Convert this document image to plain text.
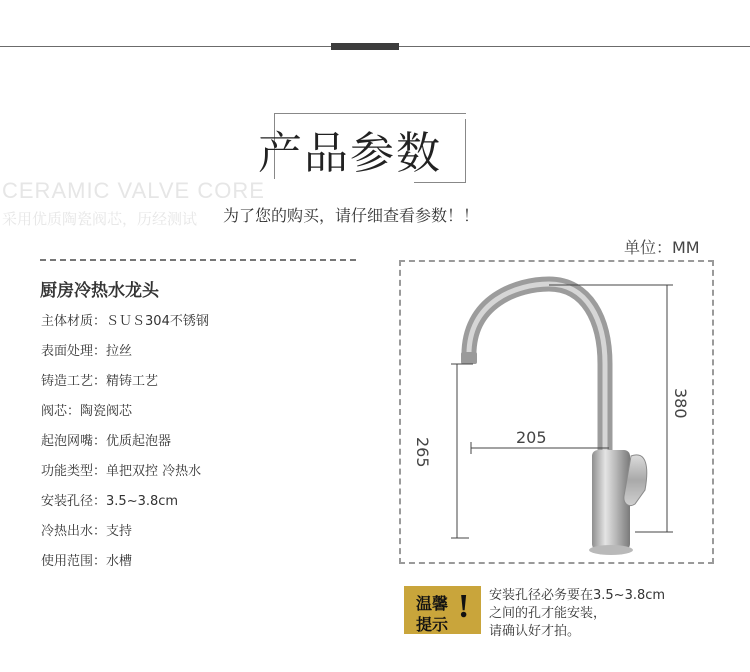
产品参数
CERAMIC VALVE CORE
采用优质陶瓷阀芯，历经测试 为了您的购买，请仔细查看参数！！
单位：MM
厨房冷热水龙头
主体材质：ＳＵＳ304不锈钢
表面处理：拉丝
铸造工艺：精铸工艺
阀芯：陶瓷阀芯
起泡网嘴：优质起泡器
功能类型：单把双控 冷热水
安装孔径：3.5~3.8cm
冷热出水：支持
使用范围：水槽
205
265
380
温馨
提示 ! 安装孔径必务要在3.5~3.8cm
之间的孔才能安装，
请确认好才拍。
